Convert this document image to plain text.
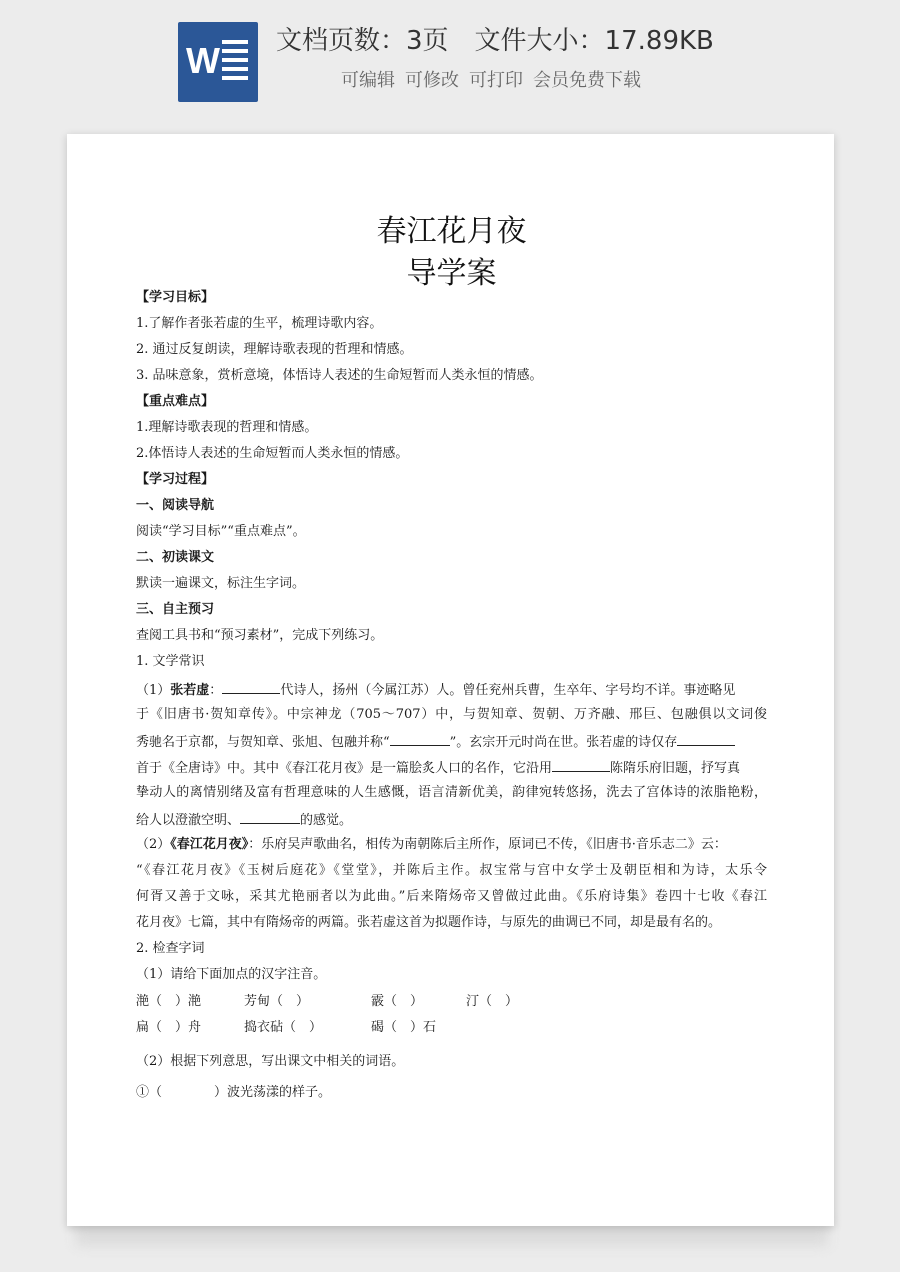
W 文档页数：3页 文件大小：17.89KB
可编辑 可修改 可打印 会员免费下载
春江花月夜
导学案
【学习目标】
1.了解作者张若虚的生平，梳理诗歌内容。
2. 通过反复朗读，理解诗歌表现的哲理和情感。
3. 品味意象，赏析意境，体悟诗人表述的生命短暂而人类永恒的情感。
【重点难点】
1.理解诗歌表现的哲理和情感。
2.体悟诗人表述的生命短暂而人类永恒的情感。
【学习过程】
一、阅读导航
阅读“学习目标”“重点难点”。
二、初读课文
默读一遍课文，标注生字词。
三、自主预习
查阅工具书和“预习素材”，完成下列练习。
1. 文学常识
（1）张若虚：	代诗人，扬州（今属江苏）人。曾任兖州兵曹，生卒年、字号均不详。事迹略见
于《旧唐书·贺知章传》。中宗神龙（705～707）中，与贺知章、贺朝、万齐融、邢巨、包融俱以文词俊
秀驰名于京都，与贺知章、张旭、包融并称“	”。玄宗开元时尚在世。张若虚的诗仅存
首于《全唐诗》中。其中《春江花月夜》是一篇脍炙人口的名作，它沿用	陈隋乐府旧题，抒写真
挚动人的离情别绪及富有哲理意味的人生感慨，语言清新优美，韵律宛转悠扬，洗去了宫体诗的浓脂艳粉，
给人以澄澈空明、	的感觉。
（2）《春江花月夜》：乐府吴声歌曲名，相传为南朝陈后主所作，原词已不传，《旧唐书·音乐志二》云：
“《春江花月夜》《玉树后庭花》《堂堂》，并陈后主作。叔宝常与宫中女学士及朝臣相和为诗，太乐令
何胥又善于文咏，采其尤艳丽者以为此曲。”后来隋炀帝又曾做过此曲。《乐府诗集》卷四十七收《春江
花月夜》七篇，其中有隋炀帝的两篇。张若虚这首为拟题作诗，与原先的曲调已不同，却是最有名的。
2. 检查字词
（1）请给下面加点的汉字注音。
滟（　）滟	芳甸（　）	霰（　）	汀（　）
扁（　）舟	捣衣砧（　）	碣（　）石
（2）根据下列意思，写出课文中相关的词语。
①（　　　　）波光荡漾的样子。
